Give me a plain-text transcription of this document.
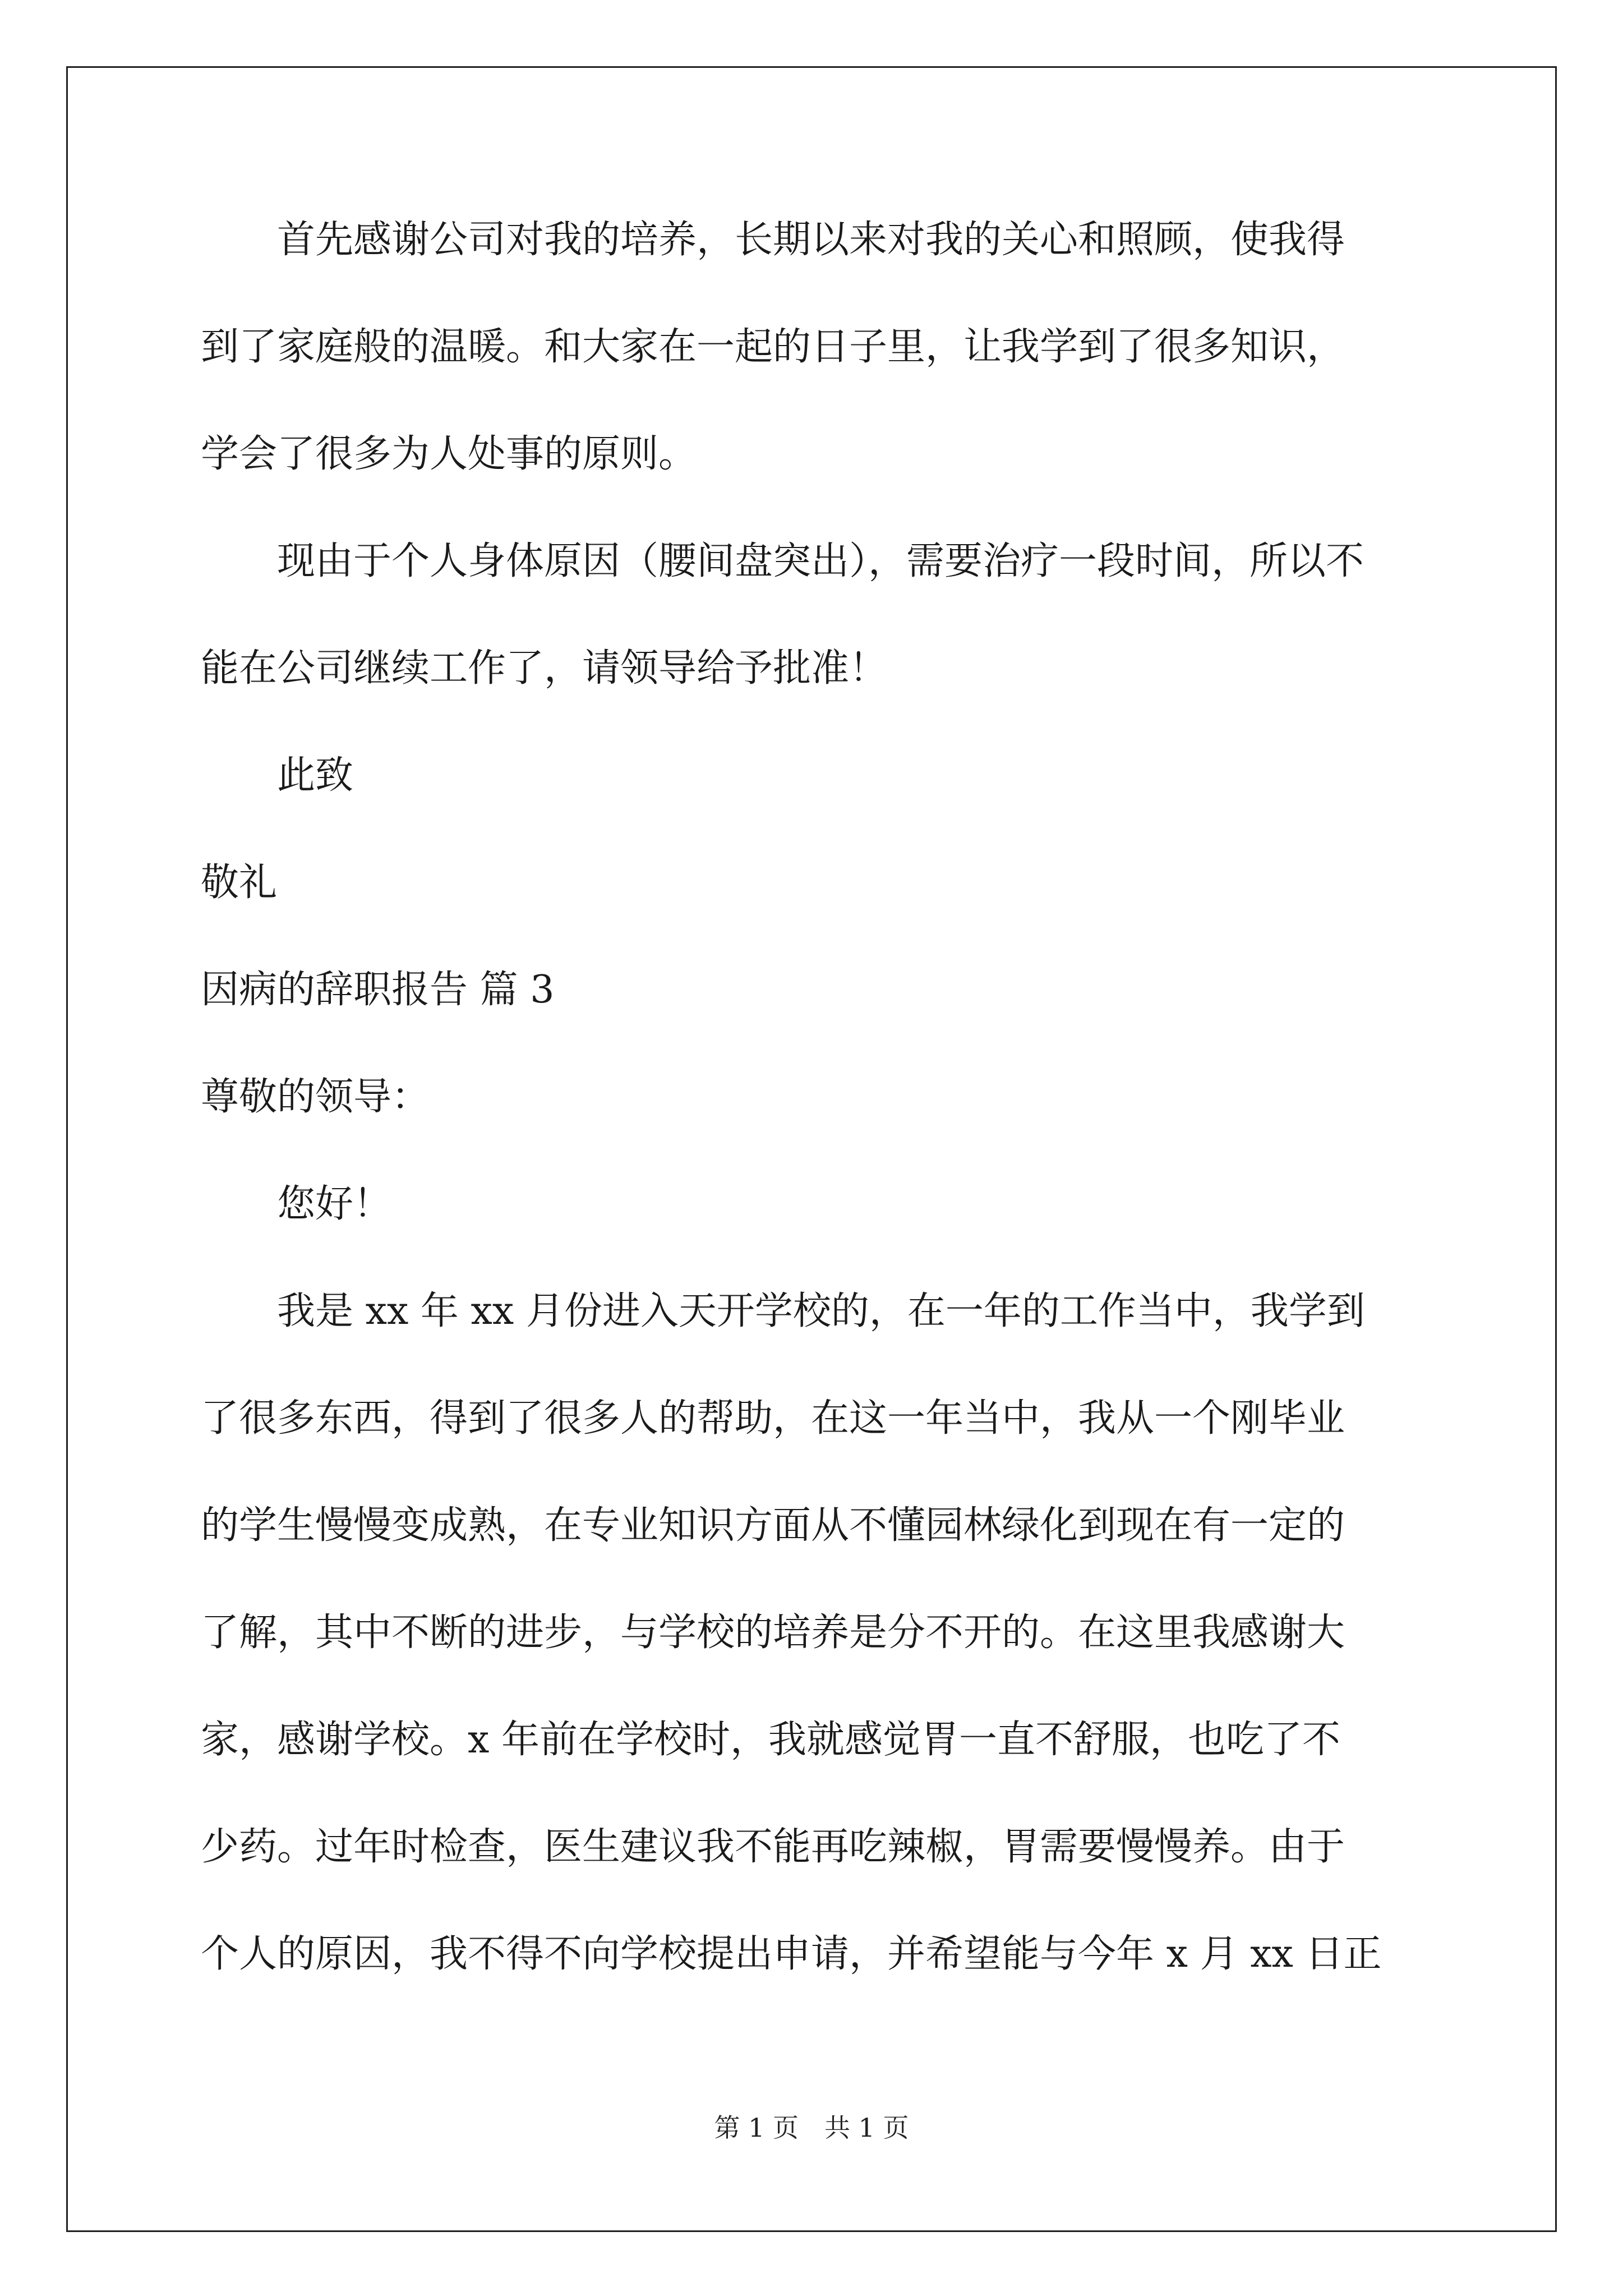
　　首先感谢公司对我的培养，长期以来对我的关心和照顾，使我得
到了家庭般的温暖。和大家在一起的日子里，让我学到了很多知识，
学会了很多为人处事的原则。
　　现由于个人身体原因（腰间盘突出），需要治疗一段时间，所以不
能在公司继续工作了，请领导给予批准！
　　此致
敬礼
因病的辞职报告 篇 3
尊敬的领导：
　　您好！
　　我是 xx 年 xx 月份进入天开学校的，在一年的工作当中，我学到
了很多东西，得到了很多人的帮助，在这一年当中，我从一个刚毕业
的学生慢慢变成熟，在专业知识方面从不懂园林绿化到现在有一定的
了解，其中不断的进步，与学校的培养是分不开的。在这里我感谢大
家，感谢学校。x 年前在学校时，我就感觉胃一直不舒服，也吃了不
少药。过年时检查，医生建议我不能再吃辣椒，胃需要慢慢养。由于
个人的原因，我不得不向学校提出申请，并希望能与今年 x 月 xx 日正
第 1 页　共 1 页
